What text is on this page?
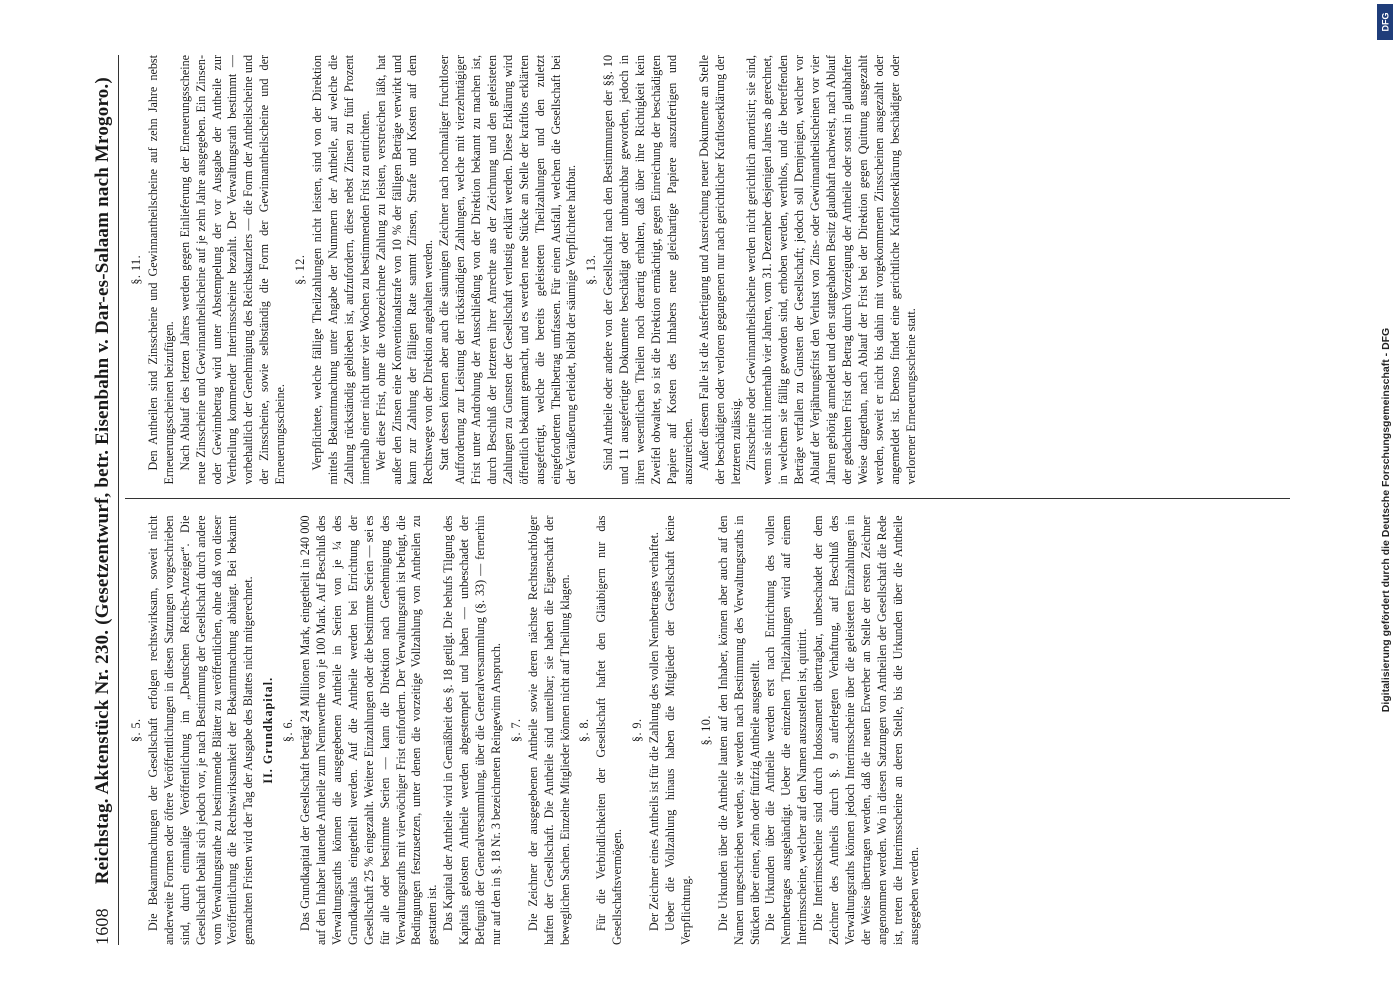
1608
Reichstag. Aktenstück Nr. 230. (Gesetzentwurf, betr. Eisenbahn v. Dar-es-Salaam nach Mrogoro.) §. 5. Die Bekanntmachungen der Gesellschaft erfolgen rechtswirksam, soweit nicht anderweite Formen oder öftere Veröffentlichungen in diesen Satzungen vorgeschrieben sind, durch einmalige Veröffentlichung im „Deutschen Reichs-Anzeiger“. Die Gesellschaft behält sich jedoch vor, je nach Bestimmung der Gesellschaft durch andere vom Verwaltungsrathe zu bestimmende Blätter zu veröffentlichen, ohne daß von dieser Veröffentlichung die Rechtswirksamkeit der Bekanntmachung abhängt. Bei bekannt gemachten Fristen wird der Tag der Ausgabe des Blattes nicht mitgerechnet. II. Grundkapital. §. 6. Das Grundkapital der Gesellschaft beträgt 24 Millionen Mark, eingetheilt in 240 000 auf den Inhaber lautende Antheile zum Nennwerthe von je 100 Mark. Auf Beschluß des Verwaltungsraths können die ausgegebenen Antheile in Serien von je ¼ des Grundkapitals eingetheilt werden. Auf die Antheile werden bei Errichtung der Gesellschaft 25 % eingezahlt. Weitere Einzahlungen oder die bestimmte Serien — sei es für alle oder bestimmte Serien — kann die Direktion nach Genehmigung des Verwaltungsraths mit vierwöchiger Frist einfordern. Der Verwaltungsrath ist befugt, die Bedingungen festzusetzen, unter denen die vorzeitige Vollzahlung von Antheilen zu gestatten ist. Das Kapital der Antheile wird in Gemäßheit des §. 18 getilgt. Die behufs Tilgung des Kapitals gelosten Antheile werden abgestempelt und haben — unbeschadet der Befugniß der Generalversammlung, über die Generalversammlung (§. 33) — fernerhin nur auf den in §. 18 Nr. 3 bezeichneten Reingewinn Anspruch. §. 7. Die Zeichner der ausgegebenen Antheile sowie deren nächste Rechtsnachfolger haften der Gesellschaft. Die Antheile sind unteilbar; sie haben die Eigenschaft der beweglichen Sachen. Einzelne Mitglieder können nicht auf Theilung klagen. §. 8. Für die Verbindlichkeiten der Gesellschaft haftet den Gläubigern nur das Gesellschaftsvermögen.

§. 9. Der Zeichner eines Antheils ist für die Zahlung des vollen Nennbetrages verhaftet. Ueber die Vollzahlung hinaus haben die Mitglieder der Gesellschaft keine Verpflichtung.

§. 10. Die Urkunden über die Antheile lauten auf den Inhaber, können aber auch auf den Namen umgeschrieben werden, sie werden nach Bestimmung des Verwaltungsraths in Stücken über einen, zehn oder fünfzig Antheile ausgestellt. Die Urkunden über die Antheile werden erst nach Entrichtung des vollen Nennbetrages ausgehändigt. Ueber die einzelnen Theilzahlungen wird auf einem Interimsscheine, welcher auf den Namen auszustellen ist, quittirt. Die Interimsscheine sind durch Indossament übertragbar, unbeschadet der dem Zeichner des Antheils durch §. 9 auferlegten Verhaftung, auf Beschluß des Verwaltungsraths können jedoch Interimsscheine über die geleisteten Einzahlungen in der Weise übertragen werden, daß die neuen Erwerber an Stelle der ersten Zeichner angenommen werden. Wo in diesen Satzungen von Antheilen der Gesellschaft die Rede ist, treten die Interimsscheine an deren Stelle, bis die Urkunden über die Antheile ausgegeben werden.

§. 11. Den Antheilen sind Zinsscheine und Gewinnantheilscheine auf zehn Jahre nebst Erneuerungsscheinen beizufügen. Nach Ablauf des letzten Jahres werden gegen Einlieferung der Erneuerungsscheine neue Zinsscheine und Gewinnantheilscheine auf je zehn Jahre ausgegeben. Ein Zinsen- oder Gewinnbetrag wird unter Abstempelung der vor Ausgabe der Antheile zur Vertheilung kommender Interimsscheine bezahlt. Der Verwaltungsrath bestimmt — vorbehaltlich der Genehmigung des Reichskanzlers — die Form der Antheilscheine und der Zinsscheine, sowie selbständig die Form der Gewinnantheilscheine und der Erneuerungsscheine.

§. 12. Verpflichtete, welche fällige Theilzahlungen nicht leisten, sind von der Direktion mittels Bekanntmachung unter Angabe der Nummern der Antheile, auf welche die Zahlung rückständig geblieben ist, aufzufordern, diese nebst Zinsen zu fünf Prozent innerhalb einer nicht unter vier Wochen zu bestimmenden Frist zu entrichten. Wer diese Frist, ohne die vorbezeichnete Zahlung zu leisten, verstreichen läßt, hat außer den Zinsen eine Konventionalstrafe von 10 % der fälligen Beträge verwirkt und kann zur Zahlung der fälligen Rate sammt Zinsen, Strafe und Kosten auf dem Rechtswege von der Direktion angehalten werden. Statt dessen können aber auch die säumigen Zeichner nach nochmaliger fruchtloser Aufforderung zur Leistung der rückständigen Zahlungen, welche mit vierzehntägiger Frist unter Androhung der Ausschließung von der Direktion bekannt zu machen ist, durch Beschluß der letzteren ihrer Anrechte aus der Zeichnung und den geleisteten Zahlungen zu Gunsten der Gesellschaft verlustig erklärt werden. Diese Erklärung wird öffentlich bekannt gemacht, und es werden neue Stücke an Stelle der kraftlos erklärten ausgefertigt, welche die bereits geleisteten Theilzahlungen und den zuletzt eingeforderten Theilbetrag umfassen. Für einen Ausfall, welchen die Gesellschaft bei der Veräußerung erleidet, bleibt der säumige Verpflichtete haftbar. §. 13. Sind Antheile oder andere von der Gesellschaft nach den Bestimmungen der §§. 10 und 11 ausgefertigte Dokumente beschädigt oder unbrauchbar geworden, jedoch in ihren wesentlichen Theilen noch derartig erhalten, daß über ihre Richtigkeit kein Zweifel obwaltet, so ist die Direktion ermächtigt, gegen Einreichung der beschädigten Papiere auf Kosten des Inhabers neue gleichartige Papiere auszufertigen und auszureichen. Außer diesem Falle ist die Ausfertigung und Ausreichung neuer Dokumente an Stelle der beschädigten oder verloren gegangenen nur nach gerichtlicher Kraftloserklärung der letzteren zulässig. Zinsscheine oder Gewinnantheilscheine werden nicht gerichtlich amortisirt; sie sind, wenn sie nicht innerhalb vier Jahren, vom 31. Dezember desjenigen Jahres ab gerechnet, in welchem sie fällig geworden sind, erhoben werden, werthlos, und die betreffenden Beträge verfallen zu Gunsten der Gesellschaft; jedoch soll Demjenigen, welcher vor Ablauf der Verjährungsfrist den Verlust von Zins- oder Gewinnantheilscheinen vor vier Jahren gehörig anmeldet und den stattgehabten Besitz glaubhaft nachweist, nach Ablauf der gedachten Frist der Betrag durch Vorzeigung der Antheile oder sonst in glaubhafter Weise dargethan, nach Ablauf der Frist bei der Direktion gegen Quittung ausgezahlt werden, soweit er nicht bis dahin mit vorgekommenen Zinsscheinen ausgezahlt oder angemeldet ist. Ebenso findet eine gerichtliche Kraftloserklärung beschädigter oder verlorener Erneuerungsscheine statt.

DFG
Digitalisierung gefördert durch die Deutsche Forschungsgemeinschaft - DFG
